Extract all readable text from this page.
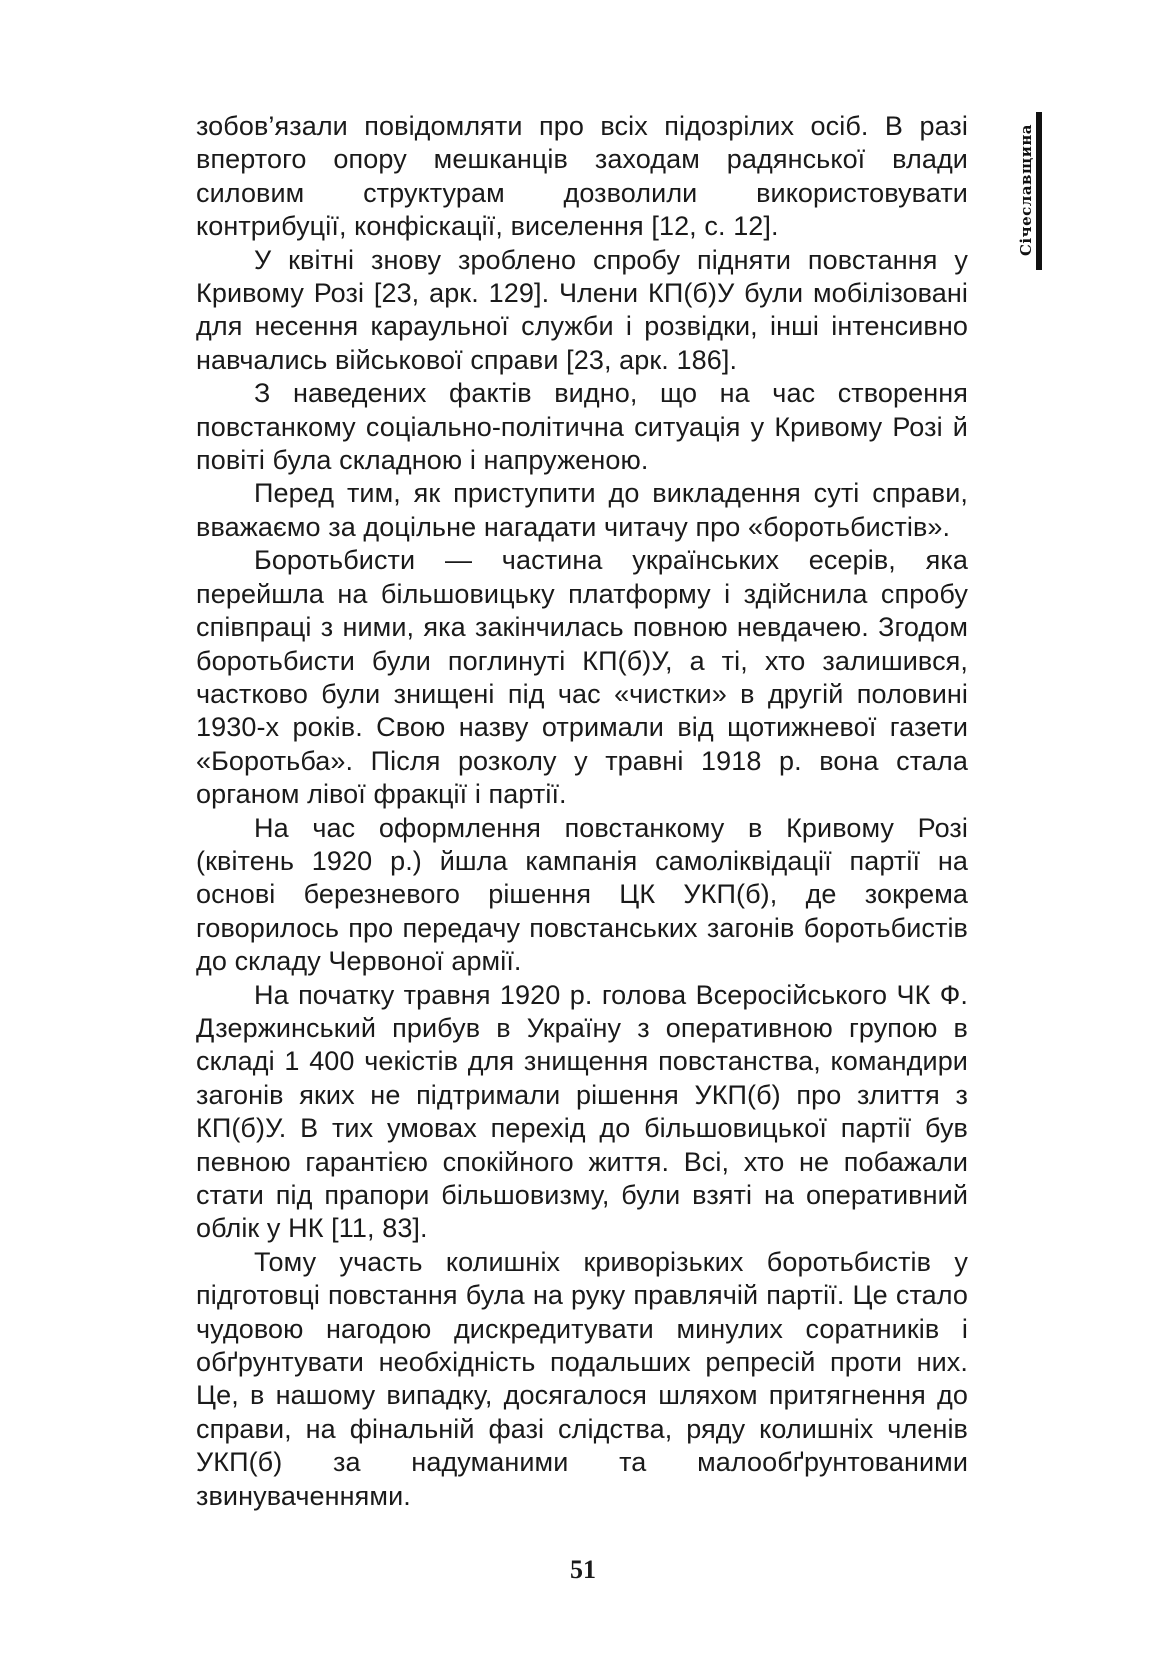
Січеславщина

зобов’язали повідомляти про всіх підозрілих осіб. В разі впертого опору мешканців заходам радянської влади силовим структурам дозволили використовувати контрибуції, конфіскації, виселення [12, с. 12].

У квітні знову зроблено спробу підняти повстання у Кривому Розі [23, арк. 129]. Члени КП(б)У були мобілізовані для несення караульної служби і розвідки, інші інтенсивно навчались військової справи [23, арк. 186].

З наведених фактів видно, що на час створення повстанкому соціально-політична ситуація у Кривому Розі й повіті була складною і напруженою.

Перед тим, як приступити до викладення суті справи, вважаємо за доцільне нагадати читачу про «боротьбистів».

Боротьбисти — частина українських есерів, яка перейшла на більшовицьку платформу і здійснила спробу співпраці з ними, яка закінчилась повною невдачею. Згодом боротьбисти були поглинуті КП(б)У, а ті, хто залишився, частково були знищені під час «чистки» в другій половині 1930-х років. Свою назву отримали від щотижневої газети «Боротьба». Після розколу у травні 1918 р. вона стала органом лівої фракції і партії.

На час оформлення повстанкому в Кривому Розі (квітень 1920 р.) йшла кампанія самоліквідації партії на основі березневого рішення ЦК УКП(б), де зокрема говорилось про передачу повстанських загонів боротьбистів до складу Червоної армії.

На початку травня 1920 р. голова Всеросійського ЧК Ф. Дзержинський прибув в Україну з оперативною групою в складі 1 400 чекістів для знищення повстанства, командири загонів яких не підтримали рішення УКП(б) про злиття з КП(б)У. В тих умовах перехід до більшовицької партії був певною гарантією спокійного життя. Всі, хто не побажали стати під прапори більшовизму, були взяті на оперативний облік у НК [11, 83].

Тому участь колишніх криворізьких боротьбистів у підготовці повстання була на руку правлячій партії. Це стало чудовою нагодою дискредитувати минулих соратників і обґрунтувати необхідність подальших репресій проти них. Це, в нашому випадку, досягалося шляхом притягнення до справи, на фінальній фазі слідства, ряду колишніх членів УКП(б) за надуманими та малообґрунтованими звинуваченнями.

51
